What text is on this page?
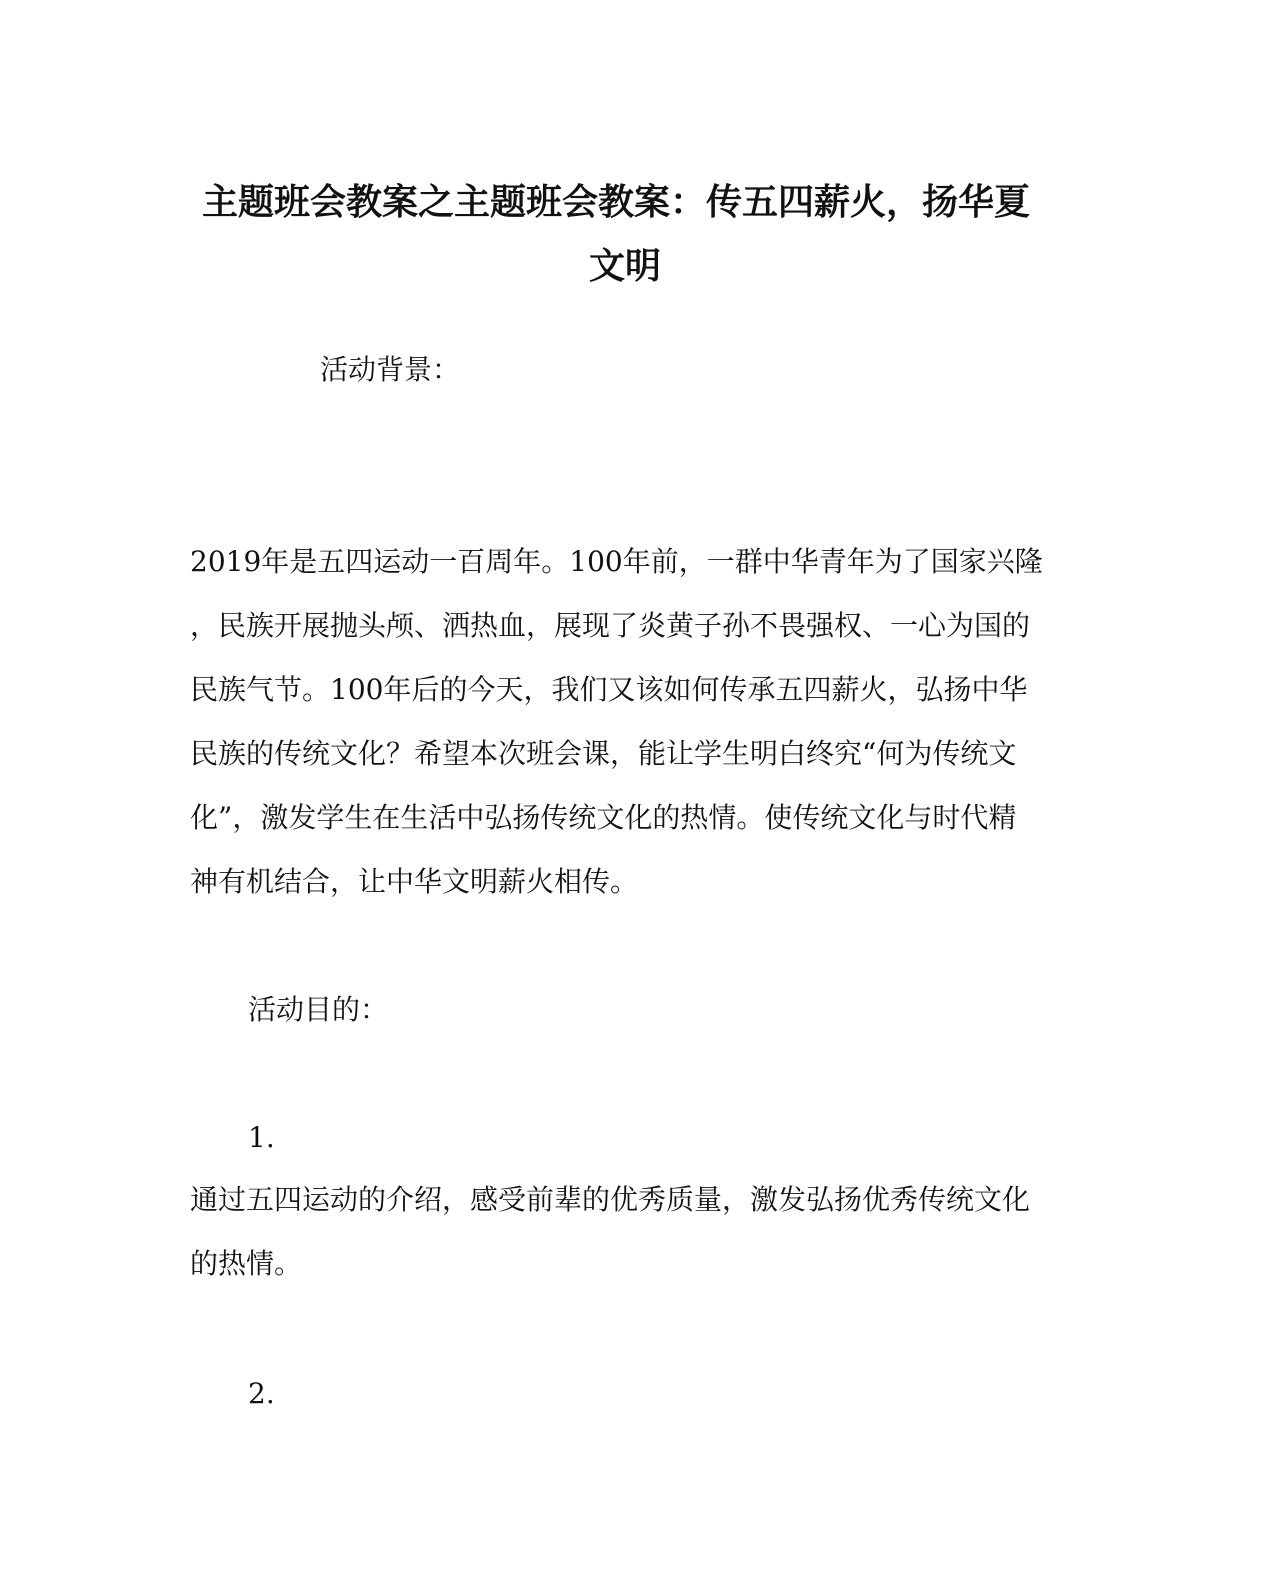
主题班会教案之主题班会教案：传五四薪火，扬华夏
文明

活动背景：

2019年是五四运动一百周年。100年前，一群中华青年为了国家兴隆
，民族开展抛头颅、洒热血，展现了炎黄子孙不畏强权、一心为国的
民族气节。100年后的今天，我们又该如何传承五四薪火，弘扬中华
民族的传统文化？希望本次班会课，能让学生明白终究“何为传统文
化”，激发学生在生活中弘扬传统文化的热情。使传统文化与时代精
神有机结合，让中华文明薪火相传。

活动目的：

1.

通过五四运动的介绍，感受前辈的优秀质量，激发弘扬优秀传统文化
的热情。

2.
